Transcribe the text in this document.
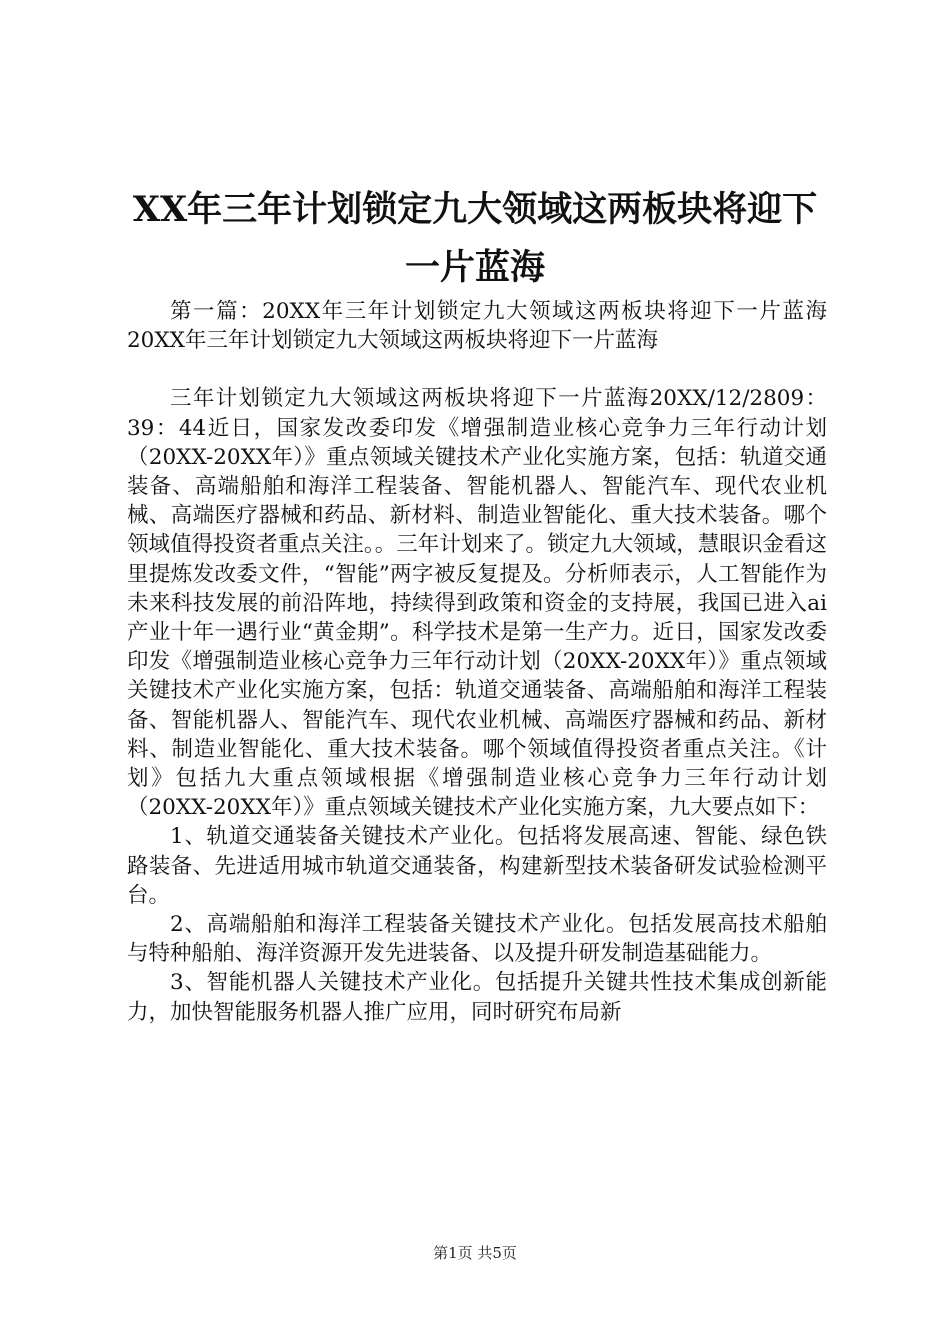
XX年三年计划锁定九大领域这两板块将迎下
一片蓝海

第一篇：20XX年三年计划锁定九大领域这两板块将迎下一片蓝海20XX年三年计划锁定九大领域这两板块将迎下一片蓝海

三年计划锁定九大领域这两板块将迎下一片蓝海20XX/12/2809：39：44近日，国家发改委印发《增强制造业核心竞争力三年行动计划（20XX-20XX年）》重点领域关键技术产业化实施方案，包括：轨道交通装备、高端船舶和海洋工程装备、智能机器人、智能汽车、现代农业机械、高端医疗器械和药品、新材料、制造业智能化、重大技术装备。哪个领域值得投资者重点关注。。三年计划来了。锁定九大领域，慧眼识金看这里提炼发改委文件，“智能”两字被反复提及。分析师表示，人工智能作为未来科技发展的前沿阵地，持续得到政策和资金的支持展，我国已进入ai产业十年一遇行业“黄金期”。科学技术是第一生产力。近日，国家发改委印发《增强制造业核心竞争力三年行动计划（20XX-20XX年）》重点领域关键技术产业化实施方案，包括：轨道交通装备、高端船舶和海洋工程装备、智能机器人、智能汽车、现代农业机械、高端医疗器械和药品、新材料、制造业智能化、重大技术装备。哪个领域值得投资者重点关注。《计划》包括九大重点领域根据《增强制造业核心竞争力三年行动计划（20XX-20XX年）》重点领域关键技术产业化实施方案，九大要点如下：

1、轨道交通装备关键技术产业化。包括将发展高速、智能、绿色铁路装备、先进适用城市轨道交通装备，构建新型技术装备研发试验检测平台。

2、高端船舶和海洋工程装备关键技术产业化。包括发展高技术船舶与特种船舶、海洋资源开发先进装备、以及提升研发制造基础能力。

3、智能机器人关键技术产业化。包括提升关键共性技术集成创新能力，加快智能服务机器人推广应用，同时研究布局新

第1页 共5页
